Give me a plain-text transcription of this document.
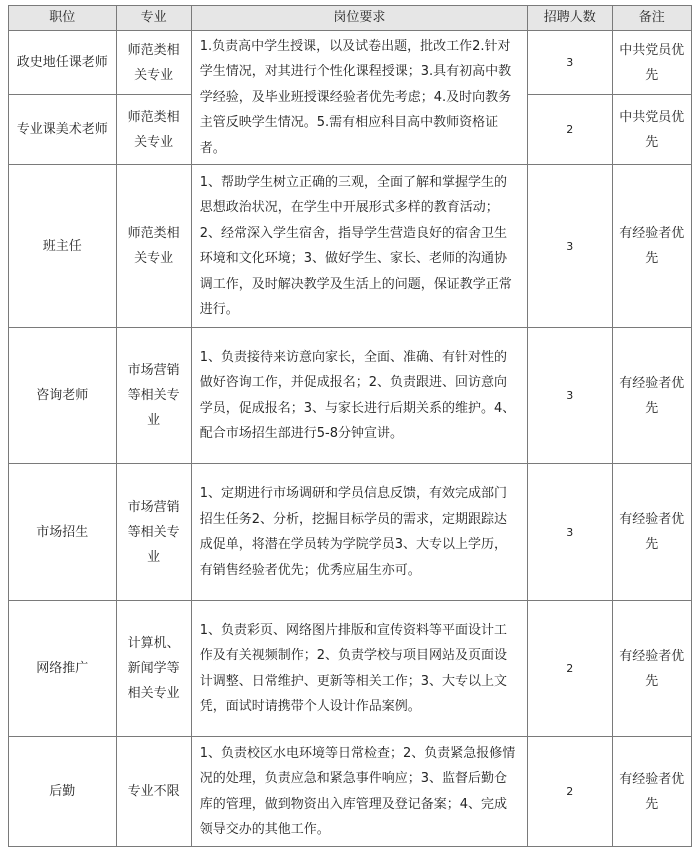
职位	专业	岗位要求	招聘人数	备注
政史地任课老师	师范类相关专业	1.负责高中学生授课，以及试卷出题，批改工作2.针对学生情况，对其进行个性化课程授课；3.具有初高中教学经验，及毕业班授课经验者优先考虑；4.及时向教务主管反映学生情况。5.需有相应科目高中教师资格证者。	3	中共党员优先
专业课美术老师	师范类相关专业		2	中共党员优先
班主任	师范类相关专业	1、帮助学生树立正确的三观，全面了解和掌握学生的思想政治状况，在学生中开展形式多样的教育活动；2、经常深入学生宿舍，指导学生营造良好的宿舍卫生环境和文化环境；3、做好学生、家长、老师的沟通协调工作，及时解决教学及生活上的问题，保证教学正常进行。	3	有经验者优先
咨询老师	市场营销等相关专业	1、负责接待来访意向家长，全面、准确、有针对性的做好咨询工作，并促成报名；2、负责跟进、回访意向学员，促成报名；3、与家长进行后期关系的维护。4、配合市场招生部进行5-8分钟宣讲。	3	有经验者优先
市场招生	市场营销等相关专业	1、定期进行市场调研和学员信息反馈，有效完成部门招生任务2、分析，挖掘目标学员的需求，定期跟踪达成促单，将潜在学员转为学院学员3、大专以上学历，有销售经验者优先；优秀应届生亦可。	3	有经验者优先
网络推广	计算机、新闻学等相关专业	1、负责彩页、网络图片排版和宣传资料等平面设计工作及有关视频制作；2、负责学校与项目网站及页面设计调整、日常维护、更新等相关工作；3、大专以上文凭，面试时请携带个人设计作品案例。	2	有经验者优先
后勤	专业不限	1、负责校区水电环境等日常检查；2、负责紧急报修情况的处理，负责应急和紧急事件响应；3、监督后勤仓库的管理，做到物资出入库管理及登记备案；4、完成领导交办的其他工作。	2	有经验者优先
